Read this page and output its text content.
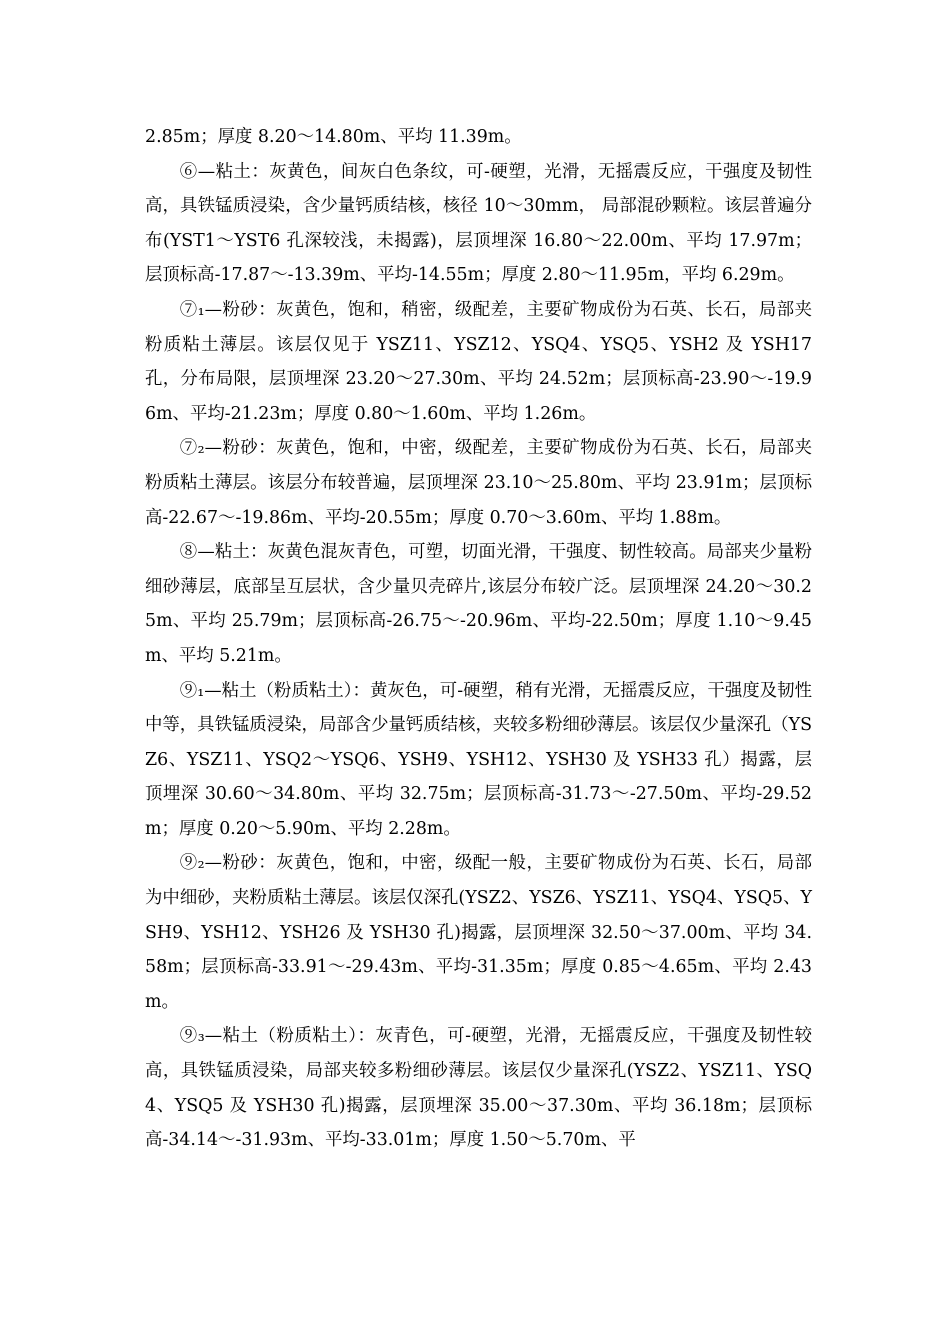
2.85m；厚度 8.20～14.80m、平均 11.39m。

⑥—粘土：灰黄色，间灰白色条纹，可-硬塑，光滑，无摇震反应，干强度及韧性高，具铁锰质浸染，含少量钙质结核，核径 10～30mm， 局部混砂颗粒。该层普遍分布(YST1～YST6 孔深较浅，未揭露)，层顶埋深 16.80～22.00m、平均 17.97m；层顶标高-17.87～-13.39m、平均-14.55m；厚度 2.80～11.95m，平均 6.29m。

⑦₁—粉砂：灰黄色，饱和，稍密，级配差，主要矿物成份为石英、长石，局部夹粉质粘土薄层。该层仅见于 YSZ11、YSZ12、YSQ4、YSQ5、YSH2 及 YSH17 孔，分布局限，层顶埋深 23.20～27.30m、平均 24.52m；层顶标高-23.90～-19.96m、平均-21.23m；厚度 0.80～1.60m、平均 1.26m。

⑦₂—粉砂：灰黄色，饱和，中密，级配差，主要矿物成份为石英、长石，局部夹粉质粘土薄层。该层分布较普遍，层顶埋深 23.10～25.80m、平均 23.91m；层顶标高-22.67～-19.86m、平均-20.55m；厚度 0.70～3.60m、平均 1.88m。

⑧—粘土：灰黄色混灰青色，可塑，切面光滑，干强度、韧性较高。局部夹少量粉细砂薄层，底部呈互层状，含少量贝壳碎片,该层分布较广泛。层顶埋深 24.20～30.25m、平均 25.79m；层顶标高-26.75～-20.96m、平均-22.50m；厚度 1.10～9.45m、平均 5.21m。

⑨₁—粘土（粉质粘土）：黄灰色，可-硬塑，稍有光滑，无摇震反应，干强度及韧性中等，具铁锰质浸染，局部含少量钙质结核，夹较多粉细砂薄层。该层仅少量深孔（YSZ6、YSZ11、YSQ2～YSQ6、YSH9、YSH12、YSH30 及 YSH33 孔）揭露，层顶埋深 30.60～34.80m、平均 32.75m；层顶标高-31.73～-27.50m、平均-29.52m；厚度 0.20～5.90m、平均 2.28m。

⑨₂—粉砂：灰黄色，饱和，中密，级配一般，主要矿物成份为石英、长石，局部为中细砂，夹粉质粘土薄层。该层仅深孔(YSZ2、YSZ6、YSZ11、YSQ4、YSQ5、YSH9、YSH12、YSH26 及 YSH30 孔)揭露，层顶埋深 32.50～37.00m、平均 34.58m；层顶标高-33.91～-29.43m、平均-31.35m；厚度 0.85～4.65m、平均 2.43m。

⑨₃—粘土（粉质粘土）：灰青色，可-硬塑，光滑，无摇震反应，干强度及韧性较高，具铁锰质浸染，局部夹较多粉细砂薄层。该层仅少量深孔(YSZ2、YSZ11、YSQ4、YSQ5 及 YSH30 孔)揭露，层顶埋深 35.00～37.30m、平均 36.18m；层顶标高-34.14～-31.93m、平均-33.01m；厚度 1.50～5.70m、平
